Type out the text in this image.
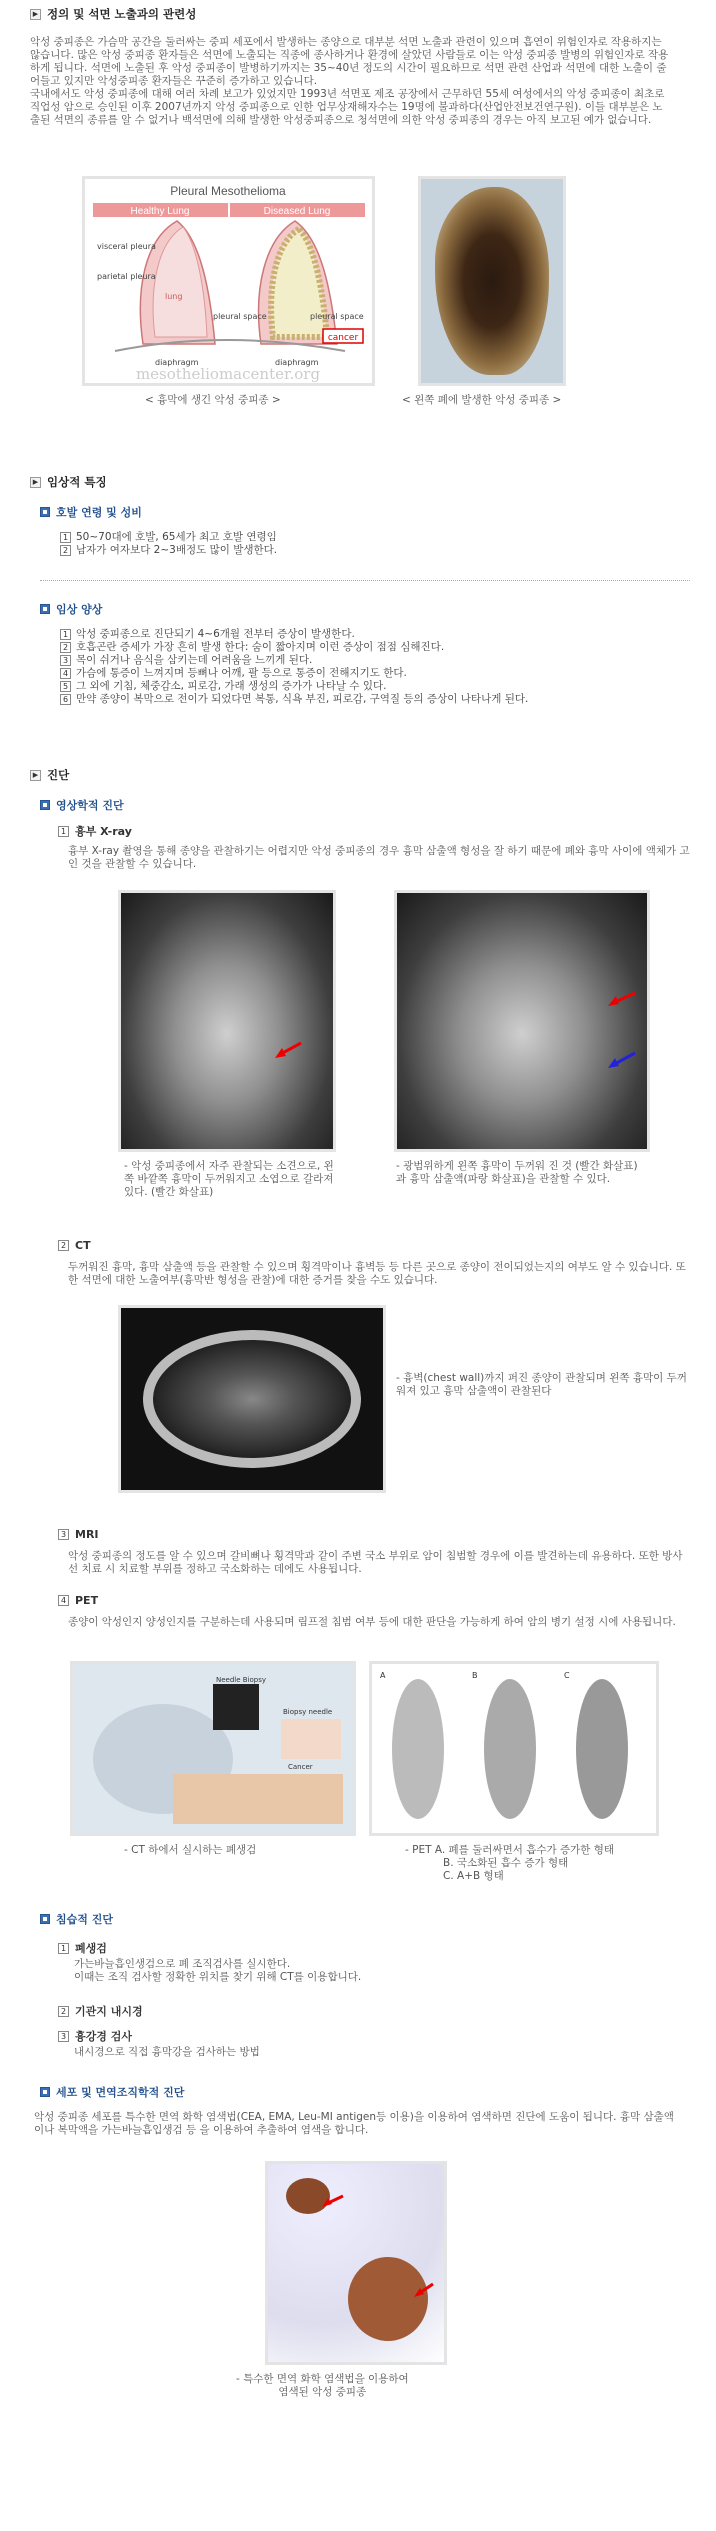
▶ 정의 및 석면 노출과의 관련성
악성 중피종은 가슴막 공간을 둘러싸는 중피 세포에서 발생하는 종양으로 대부분 석면 노출과 관련이 있으며 흡연이 위험인자로 작용하지는 않습니다. 많은 악성 중피종 환자들은 석면에 노출되는 직종에 종사하거나 환경에 살았던 사람들로 이는 악성 중피종 발병의 위험인자로 작용하게 됩니다. 석면에 노출된 후 악성 중피종이 발병하기까지는 35~40년 정도의 시간이 필요하므로 석면 관련 산업과 석면에 대한 노출이 줄어들고 있지만 악성중피종 환자들은 꾸준히 증가하고 있습니다.
국내에서도 악성 중피종에 대해 여러 차례 보고가 있었지만 1993년 석면포 제조 공장에서 근무하던 55세 여성에서의 악성 중피종이 최초로 직업성 암으로 승인된 이후 2007년까지 악성 중피종으로 인한 업무상재해자수는 19명에 불과하다(산업안전보건연구원). 이들 대부분은 노출된 석면의 종류를 알 수 없거나 백석면에 의해 발생한 악성중피종으로 청석면에 의한 악성 중피종의 경우는 아직 보고된 예가 없습니다.
Pleural Mesothelioma
Healthy Lung	Diseased Lung
visceral pleura
parietal pleura
lung
pleural space	pleural space
diaphragm	diaphragm
cancer
mesotheliomacenter.org
< 흉막에 생긴 악성 중피종 >	< 왼쪽 폐에 발생한 악성 중피종 >
▶ 임상적 특징
호발 연령 및 성비
1 50~70대에 호발, 65세가 최고 호발 연령임
2 남자가 여자보다 2~3배정도 많이 발생한다.
임상 양상
1 악성 중피종으로 진단되기 4~6개월 전부터 증상이 발생한다.
2 호흡곤란 증세가 가장 흔히 발생 한다: 숨이 짧아지며 이런 증상이 점점 심해진다.
3 목이 쉬거나 음식을 삼키는데 어려움을 느끼게 된다.
4 가슴에 통증이 느껴지며 등뼈나 어깨, 팔 등으로 통증이 전해지기도 한다.
5 그 외에 기침, 체중감소, 피로감, 가래 생성의 증가가 나타날 수 있다.
6 만약 종양이 복막으로 전이가 되었다면 복통, 식욕 부진, 피로감, 구역질 등의 증상이 나타나게 된다.
▶ 진단
영상학적 진단
1 흉부 X-ray
흉부 X-ray 촬영을 통해 종양을 관찰하기는 어렵지만 악성 중피종의 경우 흉막 삼출액 형성을 잘 하기 때문에 폐와 흉막 사이에 액체가 고인 것을 관찰할 수 있습니다.
- 악성 중피종에서 자주 관찰되는 소견으로, 왼쪽 바깥쪽 흉막이 두꺼워지고 소엽으로 갈라져 있다. (빨간 화살표)
- 광범위하게 왼쪽 흉막이 두꺼워 진 것 (빨간 화살표)과 흉막 삼출액(파랑 화살표)을 관찰할 수 있다.
2 CT
두꺼워진 흉막, 흉막 삼출액 등을 관찰할 수 있으며 횡격막이나 흉벽등 등 다른 곳으로 종양이 전이되었는지의 여부도 알 수 있습니다. 또한 석면에 대한 노출여부(흉막반 형성을 관찰)에 대한 증거를 찾을 수도 있습니다.
- 흉벽(chest wall)까지 퍼진 종양이 관찰되며 왼쪽 흉막이 두꺼워져 있고 흉막 삼출액이 관찰된다
3 MRI
악성 중피종의 정도를 알 수 있으며 갈비뼈나 횡격막과 같이 주변 국소 부위로 암이 침범할 경우에 이를 발견하는데 유용하다. 또한 방사선 치료 시 치료할 부위를 정하고 국소화하는 데에도 사용됩니다.
4 PET
종양이 악성인지 양성인지를 구분하는데 사용되며 림프절 침범 여부 등에 대한 판단을 가능하게 하여 암의 병기 설정 시에 사용됩니다.
Needle Biopsy
Biopsy needle
Cancer
A	B	C
- CT 하에서 실시하는 폐생검	- PET A. 폐를 둘러싸면서 흡수가 증가한 형태
B. 국소화된 흡수 증가 형태
C. A+B 형태
침습적 진단
1 폐생검
가는바늘흡인생검으로 폐 조직검사를 실시한다.
이때는 조직 검사할 정확한 위치를 찾기 위해 CT를 이용합니다.
2 기관지 내시경
3 흉강경 검사
내시경으로 직접 흉막강을 검사하는 방법
세포 및 면역조직학적 진단
악성 중피종 세포를 특수한 면역 화학 염색법(CEA, EMA, Leu-MI antigen등 이용)을 이용하여 염색하면 진단에 도움이 됩니다. 흉막 삼출액이나 복막액을 가는바늘흡입생검 등 을 이용하여 추출하여 염색을 합니다.
- 특수한 면역 화학 염색법을 이용하여
염색된 악성 중피종
